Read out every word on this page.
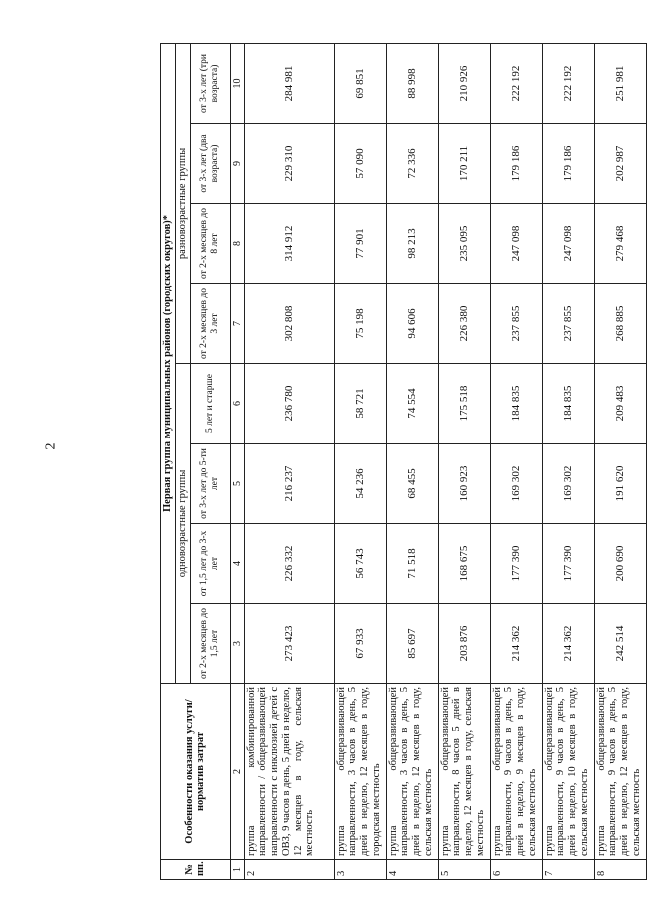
2
№ пп.	Особенности оказания услуги/норматив затрат	Первая группа муниципальных районов (городских округов)*							
		одновозрастные группы				разновозрастные группы			
		от 2-х месяцев до 1,5 лет	от 1,5 лет до 3-х лет	от 3-х лет до 5-ти лет	5 лет и старше	от 2-х месяцев до 3 лет	от 2-х месяцев до 8 лет	от 3-х лет (два возраста)	от 3-х лет (три возраста)
1	2	3	4	5	6	7	8	9	10
2	группа комбинированной направленности / общеразвивающей направленности с инклюзией детей с ОВЗ, 9 часов в день, 5 дней в неделю, 12 месяцев в году, сельская местность	273 423	226 332	216 237	236 780	302 808	314 912	229 310	284 981
3	группа общеразвивающей направленности, 3 часов в день, 5 дней в неделю, 12 месяцев в году, городская местность	67 933	56 743	54 236	58 721	75 198	77 901	57 090	69 851
4	группа общеразвивающей направленности, 3 часов в день, 5 дней в неделю, 12 месяцев в году, сельская местность	85 697	71 518	68 455	74 554	94 606	98 213	72 336	88 998
5	группа общеразвивающей направленности, 8 часов 5 дней в неделю, 12 месяцев в году, сельская местность	203 876	168 675	160 923	175 518	226 380	235 095	170 211	210 926
6	группа общеразвивающей направленности, 9 часов в день, 5 дней в неделю, 9 месяцев в году, сельская местность	214 362	177 390	169 302	184 835	237 855	247 098	179 186	222 192
7	группа общеразвивающей направленности, 9 часов в день, 5 дней в неделю, 10 месяцев в году, сельская местность	214 362	177 390	169 302	184 835	237 855	247 098	179 186	222 192
8	группа общеразвивающей направленности, 9 часов в день, 5 дней в неделю, 12 месяцев в году, сельская местность	242 514	200 690	191 620	209 483	268 885	279 468	202 987	251 981
